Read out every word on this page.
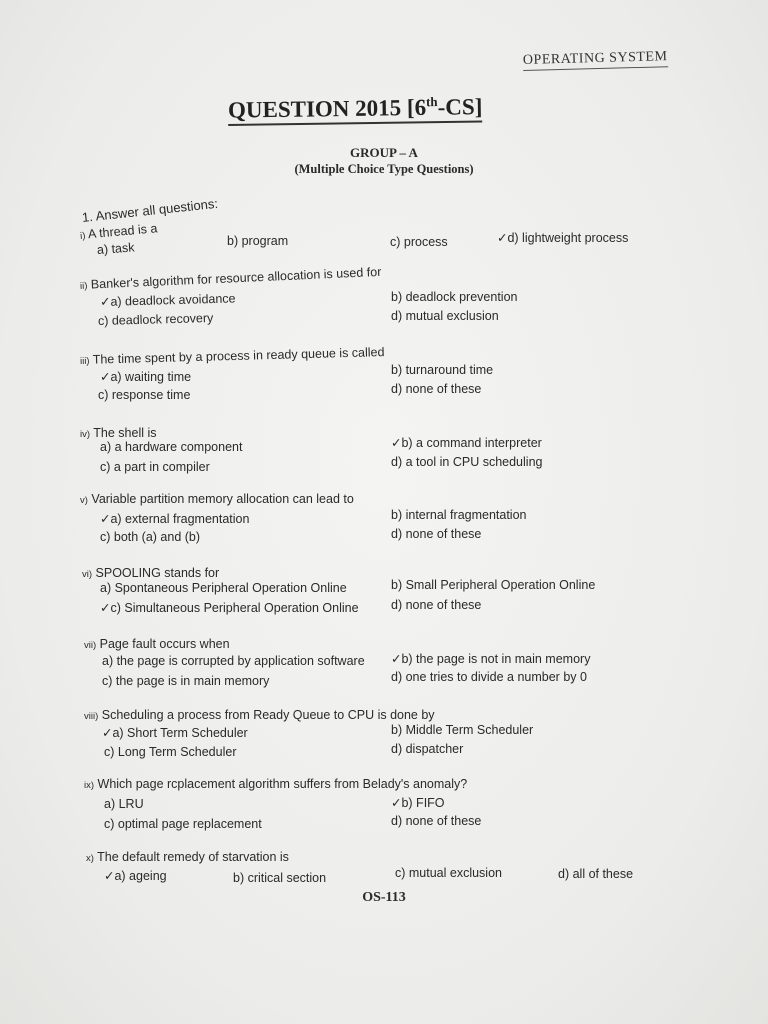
OPERATING SYSTEM
QUESTION 2015 [6th-CS]
GROUP – A
(Multiple Choice Type Questions)
1. Answer all questions:
i) A thread is a
a) task	b) program	c) process	✓d) lightweight process
ii) Banker's algorithm for resource allocation is used for
✓a) deadlock avoidance	b) deadlock prevention
c) deadlock recovery	d) mutual exclusion
iii) The time spent by a process in ready queue is called
✓a) waiting time	b) turnaround time
c) response time	d) none of these
iv) The shell is
a) a hardware component	✓b) a command interpreter
c) a part in compiler	d) a tool in CPU scheduling
v) Variable partition memory allocation can lead to
✓a) external fragmentation	b) internal fragmentation
c) both (a) and (b)	d) none of these
vi) SPOOLING stands for
a) Spontaneous Peripheral Operation Online	b) Small Peripheral Operation Online
✓c) Simultaneous Peripheral Operation Online	d) none of these
vii) Page fault occurs when
a) the page is corrupted by application software ✓b) the page is not in main memory
c) the page is in main memory	d) one tries to divide a number by 0
viii) Scheduling a process from Ready Queue to CPU is done by
✓a) Short Term Scheduler	b) Middle Term Scheduler
c) Long Term Scheduler	d) dispatcher
ix) Which page rcplacement algorithm suffers from Belady's anomaly?
a) LRU	✓b) FIFO
c) optimal page replacement	d) none of these
x) The default remedy of starvation is
✓a) ageing	b) critical section	c) mutual exclusion	d) all of these
OS-113
